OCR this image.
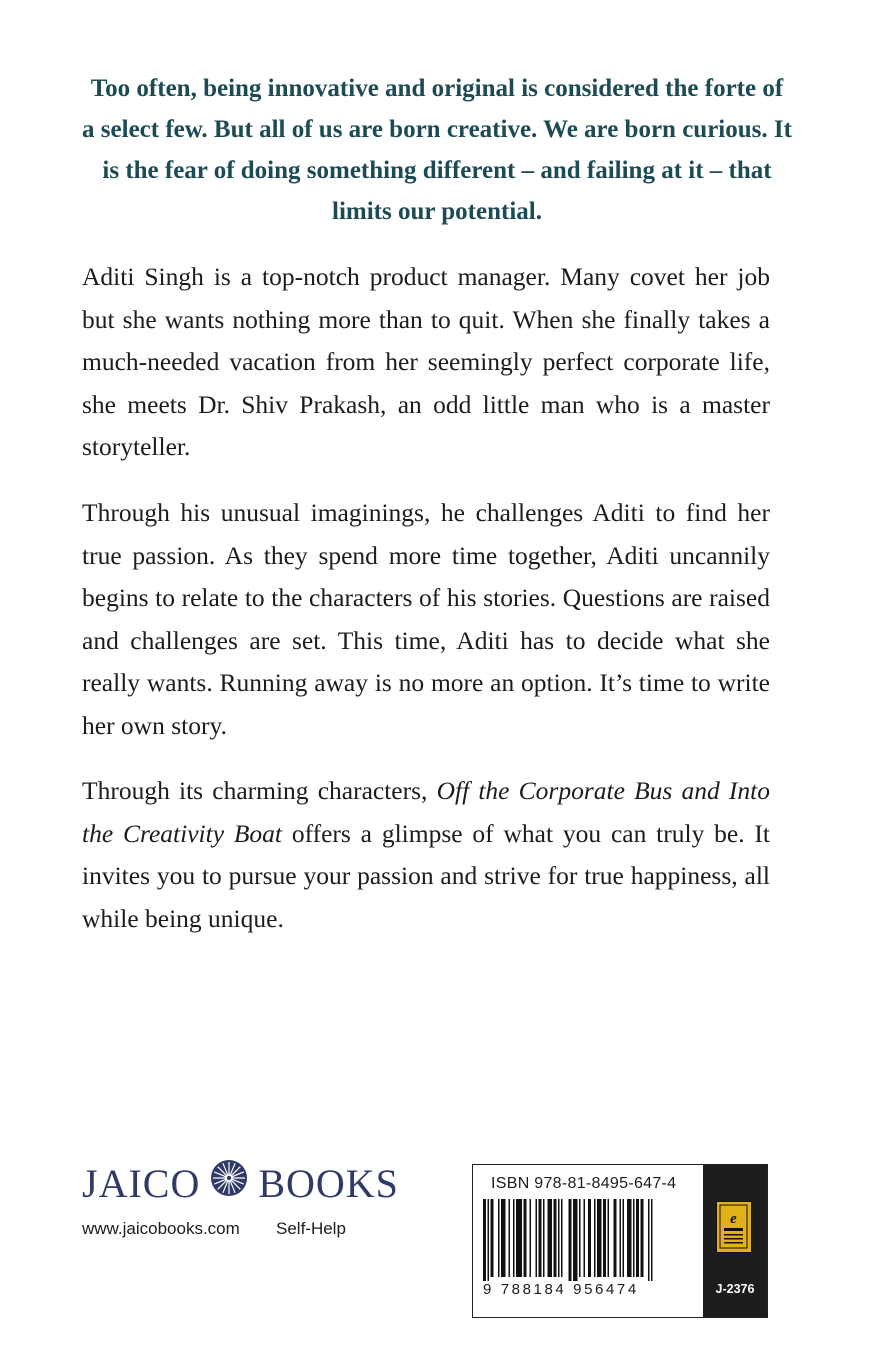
Too often, being innovative and original is considered the forte of a select few. But all of us are born creative. We are born curious. It is the fear of doing something different – and failing at it – that limits our potential.

Aditi Singh is a top-notch product manager. Many covet her job but she wants nothing more than to quit. When she finally takes a much-needed vacation from her seemingly perfect corporate life, she meets Dr. Shiv Prakash, an odd little man who is a master storyteller.

Through his unusual imaginings, he challenges Aditi to find her true passion. As they spend more time together, Aditi uncannily begins to relate to the characters of his stories. Questions are raised and challenges are set. This time, Aditi has to decide what she really wants. Running away is no more an option. It’s time to write her own story.

Through its charming characters, Off the Corporate Bus and Into the Creativity Boat offers a glimpse of what you can truly be. It invites you to pursue your passion and strive for true happiness, all while being unique.

JAICO BOOKS
www.jaicobooks.com Self-Help
ISBN 978-81-8495-647-4
9 788184 956474
e
J-2376
